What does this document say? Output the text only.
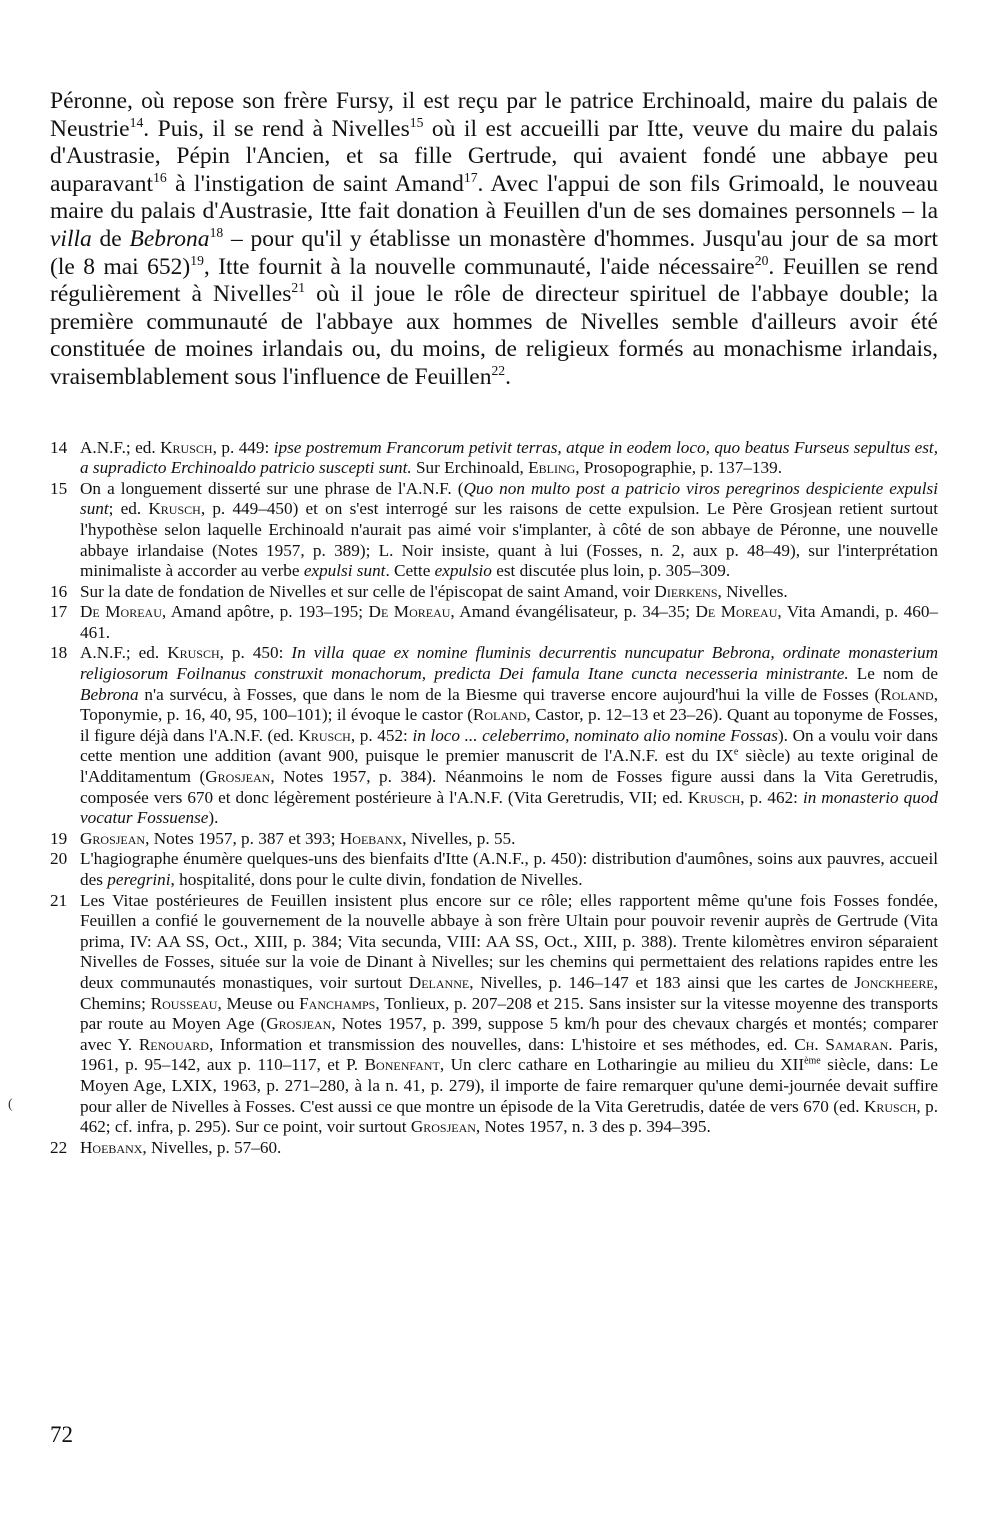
Péronne, où repose son frère Fursy, il est reçu par le patrice Erchinoald, maire du palais de Neustrie$^{14}$. Puis, il se rend à Nivelles$^{15}$ où il est accueilli par Itte, veuve du maire du palais d'Austrasie, Pépin l'Ancien, et sa fille Gertrude, qui avaient fondé une abbaye peu auparavant$^{16}$ à l'instigation de saint Amand$^{17}$. Avec l'appui de son fils Grimoald, le nouveau maire du palais d'Austrasie, Itte fait donation à Feuillen d'un de ses domaines personnels – la villa de Bebrona$^{18}$ – pour qu'il y établisse un monastère d'hommes. Jusqu'au jour de sa mort (le 8 mai 652)$^{19}$, Itte fournit à la nouvelle communauté, l'aide nécessaire$^{20}$. Feuillen se rend régulièrement à Nivelles$^{21}$ où il joue le rôle de directeur spirituel de l'abbaye double; la première communauté de l'abbaye aux hommes de Nivelles semble d'ailleurs avoir été constituée de moines irlandais ou, du moins, de religieux formés au monachisme irlandais, vraisemblablement sous l'influence de Feuillen$^{22}$.

14 A.N.F.; ed. Krusch, p. 449: ipse postremum Francorum petivit terras, atque in eodem loco, quo beatus Furseus sepultus est, a supradicto Erchinoaldo patricio suscepti sunt. Sur Erchinoald, Ebling, Prosopographie, p. 137–139.

15 On a longuement disserté sur une phrase de l'A.N.F. (Quo non multo post a patricio viros peregrinos despiciente expulsi sunt; ed. Krusch, p. 449–450) et on s'est interrogé sur les raisons de cette expulsion. Le Père Grosjean retient surtout l'hypothèse selon laquelle Erchinoald n'aurait pas aimé voir s'implanter, à côté de son abbaye de Péronne, une nouvelle abbaye irlandaise (Notes 1957, p. 389); L. Noir insiste, quant à lui (Fosses, n. 2, aux p. 48–49), sur l'interprétation minimaliste à accorder au verbe expulsi sunt. Cette expulsio est discutée plus loin, p. 305–309.

16 Sur la date de fondation de Nivelles et sur celle de l'épiscopat de saint Amand, voir Dierkens, Nivelles.

17 De Moreau, Amand apôtre, p. 193–195; De Moreau, Amand évangélisateur, p. 34–35; De Moreau, Vita Amandi, p. 460–461.

18 A.N.F.; ed. Krusch, p. 450: In villa quae ex nomine fluminis decurrentis nuncupatur Bebrona, ordinate monasterium religiosorum Foilnanus construxit monachorum, predicta Dei famula Itane cuncta necesseria ministrante. Le nom de Bebrona n'a survécu, à Fosses, que dans le nom de la Biesme qui traverse encore aujourd'hui la ville de Fosses (Roland, Toponymie, p. 16, 40, 95, 100–101); il évoque le castor (Roland, Castor, p. 12–13 et 23–26). Quant au toponyme de Fosses, il figure déjà dans l'A.N.F. (ed. Krusch, p. 452: in loco ... celeberrimo, nominato alio nomine Fossas). On a voulu voir dans cette mention une addition (avant 900, puisque le premier manuscrit de l'A.N.F. est du IXe siècle) au texte original de l'Additamentum (Grosjean, Notes 1957, p. 384). Néanmoins le nom de Fosses figure aussi dans la Vita Geretrudis, composée vers 670 et donc légèrement postérieure à l'A.N.F. (Vita Geretrudis, VII; ed. Krusch, p. 462: in monasterio quod vocatur Fossuense).

19 Grosjean, Notes 1957, p. 387 et 393; Hoebanx, Nivelles, p. 55.

20 L'hagiographe énumère quelques-uns des bienfaits d'Itte (A.N.F., p. 450): distribution d'aumônes, soins aux pauvres, accueil des peregrini, hospitalité, dons pour le culte divin, fondation de Nivelles.

21 Les Vitae postérieures de Feuillen insistent plus encore sur ce rôle; elles rapportent même qu'une fois Fosses fondée, Feuillen a confié le gouvernement de la nouvelle abbaye à son frère Ultain pour pouvoir revenir auprès de Gertrude (Vita prima, IV: AA SS, Oct., XIII, p. 384; Vita secunda, VIII: AA SS, Oct., XIII, p. 388). Trente kilomètres environ séparaient Nivelles de Fosses, située sur la voie de Dinant à Nivelles; sur les chemins qui permettaient des relations rapides entre les deux communautés monastiques, voir surtout Delanne, Nivelles, p. 146–147 et 183 ainsi que les cartes de Jonckheere, Chemins; Rousseau, Meuse ou Fanchamps, Tonlieux, p. 207–208 et 215. Sans insister sur la vitesse moyenne des transports par route au Moyen Age (Grosjean, Notes 1957, p. 399, suppose 5 km/h pour des chevaux chargés et montés; comparer avec Y. Renouard, Information et transmission des nouvelles, dans: L'histoire et ses méthodes, ed. Ch. Samaran. Paris, 1961, p. 95–142, aux p. 110–117, et P. Bonenfant, Un clerc cathare en Lotharingie au milieu du XIIème siècle, dans: Le Moyen Age, LXIX, 1963, p. 271–280, à la n. 41, p. 279), il importe de faire remarquer qu'une demi-journée devait suffire pour aller de Nivelles à Fosses. C'est aussi ce que montre un épisode de la Vita Geretrudis, datée de vers 670 (ed. Krusch, p. 462; cf. infra, p. 295). Sur ce point, voir surtout Grosjean, Notes 1957, n. 3 des p. 394–395.

22 Hoebanx, Nivelles, p. 57–60.

(
72
